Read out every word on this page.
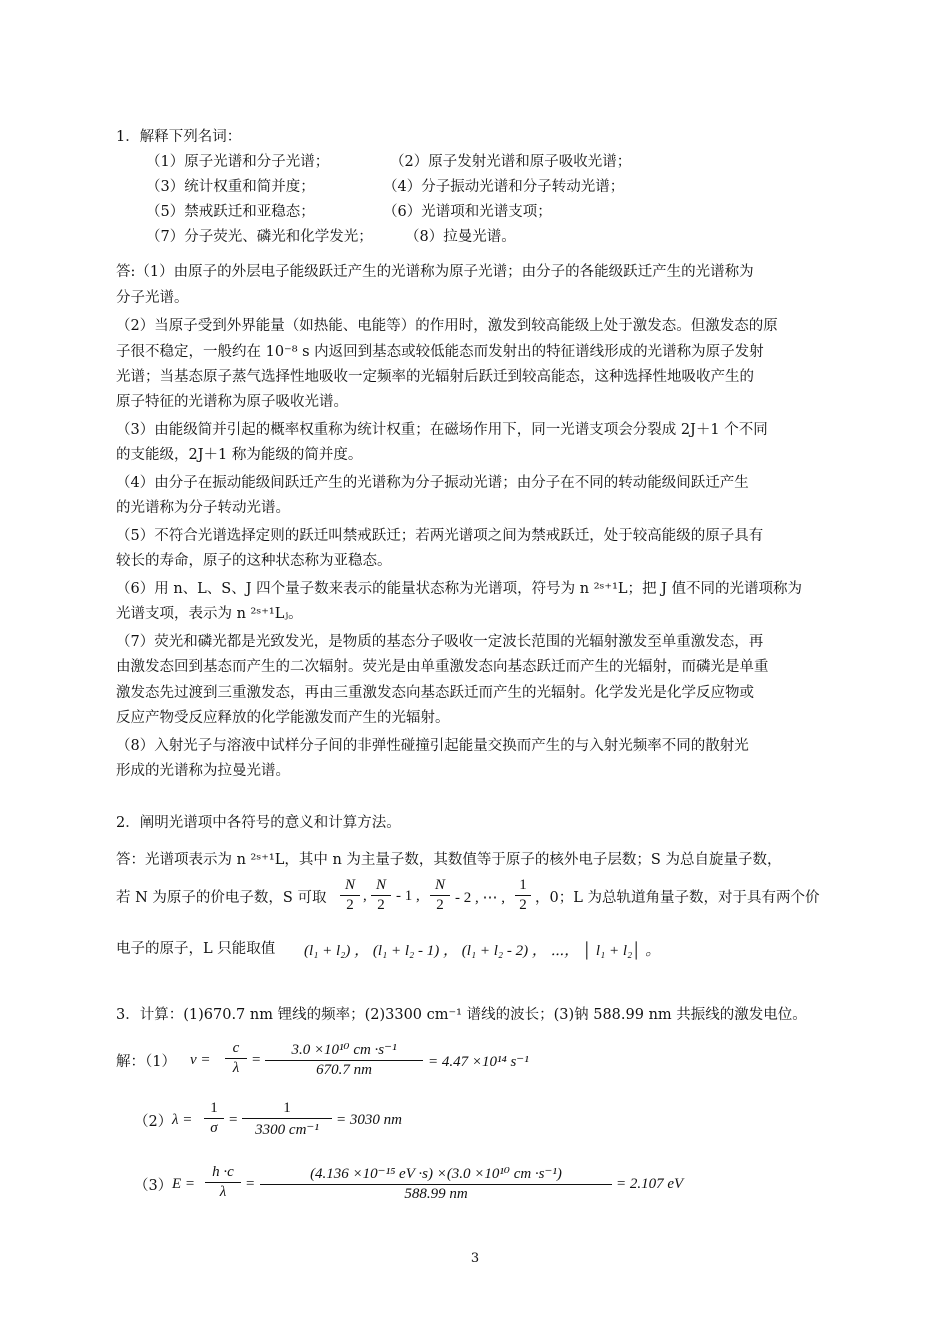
1．解释下列名词：
（1）原子光谱和分子光谱；	（2）原子发射光谱和原子吸收光谱；
（3）统计权重和简并度；	（4）分子振动光谱和分子转动光谱；
（5）禁戒跃迁和亚稳态；	（6）光谱项和光谱支项；
（7）分子荧光、磷光和化学发光； （8）拉曼光谱。
答:（1）由原子的外层电子能级跃迁产生的光谱称为原子光谱；由分子的各能级跃迁产生的光谱称为
分子光谱。
（2）当原子受到外界能量（如热能、电能等）的作用时，激发到较高能级上处于激发态。但激发态的原
子很不稳定，一般约在 10⁻⁸ s 内返回到基态或较低能态而发射出的特征谱线形成的光谱称为原子发射
光谱；当基态原子蒸气选择性地吸收一定频率的光辐射后跃迁到较高能态，这种选择性地吸收产生的
原子特征的光谱称为原子吸收光谱。
（3）由能级简并引起的概率权重称为统计权重；在磁场作用下，同一光谱支项会分裂成 2J＋1 个不同
的支能级，2J＋1 称为能级的简并度。
（4）由分子在振动能级间跃迁产生的光谱称为分子振动光谱；由分子在不同的转动能级间跃迁产生
的光谱称为分子转动光谱。
（5）不符合光谱选择定则的跃迁叫禁戒跃迁；若两光谱项之间为禁戒跃迁，处于较高能级的原子具有
较长的寿命，原子的这种状态称为亚稳态。
（6）用 n、L、S、J 四个量子数来表示的能量状态称为光谱项，符号为 n ²ˢ⁺¹L；把 J 值不同的光谱项称为
光谱支项，表示为 n ²ˢ⁺¹Lⱼ。
（7）荧光和磷光都是光致发光，是物质的基态分子吸收一定波长范围的光辐射激发至单重激发态，再
由激发态回到基态而产生的二次辐射。荧光是由单重激发态向基态跃迁而产生的光辐射，而磷光是单重
激发态先过渡到三重激发态，再由三重激发态向基态跃迁而产生的光辐射。化学发光是化学反应物或
反应产物受反应释放的化学能激发而产生的光辐射。
（8）入射光子与溶液中试样分子间的非弹性碰撞引起能量交换而产生的与入射光频率不同的散射光
形成的光谱称为拉曼光谱。
2．阐明光谱项中各符号的意义和计算方法。
答：光谱项表示为 n ²ˢ⁺¹L，其中 n 为主量子数，其数值等于原子的核外电子层数；S 为总自旋量子数，
若 N 为原子的价电子数，S 可取 $\frac{N}{2}$ , $\frac{N}{2} - 1$ , $\frac{N}{2} - 2$ , ⋯ , $\frac{1}{2}$ ，0；L 为总轨道角量子数，对于具有两个价
电子的原子，L 只能取值 (l₁ + l₂) ， (l₁ + l₂ - 1) ， (l₁ + l₂ - 2) ， ⋯， │ l₁ + l₂│ 。
3．计算：(1)670.7 nm 锂线的频率；(2)3300 cm⁻¹ 谱线的波长；(3)钠 588.99 nm 共振线的激发电位。
解：（1） $\nu = \frac{c}{\lambda} = \frac{\text{3.0 ×10¹⁰ cm ·s⁻¹}}{670.7 nm} = 4.47 \times 10^{14}$ s⁻¹
（2） $\lambda = \frac{1}{\sigma} = \frac{1}{\text{3300 cm⁻¹}} = 3030$ nm
（3） $E = \frac{h \cdot c}{\lambda} = \frac{\text{(4.136 ×10⁻¹⁵ eV ·s) ×(3.0 ×10¹⁰ cm ·s⁻¹)}}{588.99 nm} = 2.107$ eV
3
